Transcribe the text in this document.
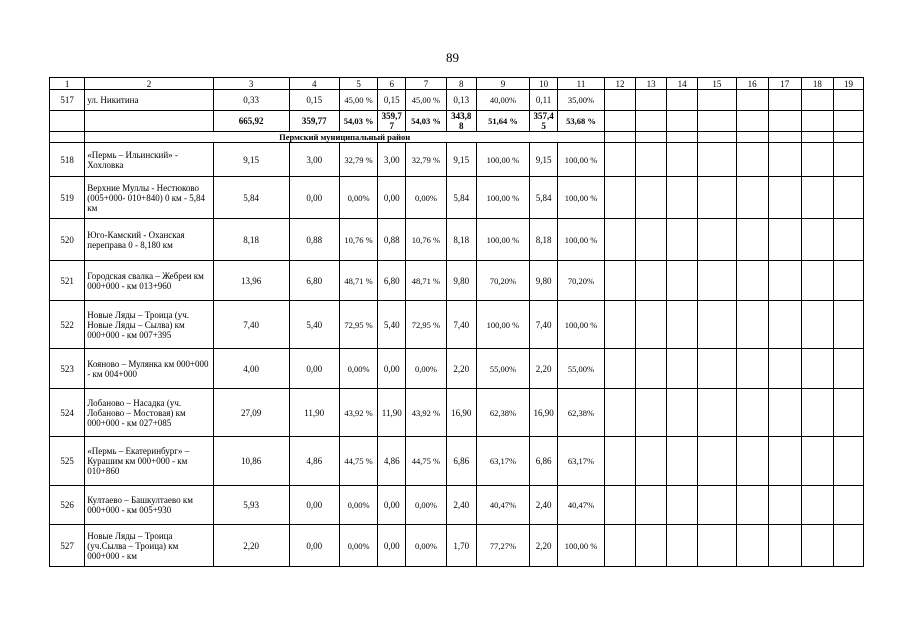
89
1	2	3	4	5	6	7	8	9	10	11	12	13	14	15	16	17	18	19
517	ул. Никитина	0,33	0,15	45,00 %	0,15	45,00 %	0,13	40,00%	0,11	35,00%								
		665,92	359,77	54,03 %	359,7 7	54,03 %	343,8 8	51,64 %	357,4 5	53,68 %								
	Пермский муниципальный район																	
518	«Пермь – Ильинский» - Хохловка	9,15	3,00	32,79 %	3,00	32,79 %	9,15	100,00 %	9,15	100,00 %								
519	Верхние Муллы - Нестюково (005+000- 010+840) 0 км - 5,84 км	5,84	0,00	0,00%	0,00	0,00%	5,84	100,00 %	5,84	100,00 %								
520	Юго-Камский - Оханская переправа 0 - 8,180 км	8,18	0,88	10,76 %	0,88	10,76 %	8,18	100,00 %	8,18	100,00 %								
521	Городская свалка – Жебреи км 000+000 - км 013+960	13,96	6,80	48,71 %	6,80	48,71 %	9,80	70,20%	9,80	70,20%								
522	Новые Ляды – Троица (уч. Новые Ляды – Сылва) км 000+000 - км 007+395	7,40	5,40	72,95 %	5,40	72,95 %	7,40	100,00 %	7,40	100,00 %								
523	Кояново – Мулянка км 000+000 - км 004+000	4,00	0,00	0,00%	0,00	0,00%	2,20	55,00%	2,20	55,00%								
524	Лобаново – Насадка (уч. Лобаново – Мостовая) км 000+000 - км 027+085	27,09	11,90	43,92 %	11,90	43,92 %	16,90	62,38%	16,90	62,38%								
525	«Пермь – Екатеринбург» – Курашим км 000+000 - км 010+860	10,86	4,86	44,75 %	4,86	44,75 %	6,86	63,17%	6,86	63,17%								
526	Култаево – Башкултаево км 000+000 - км 005+930	5,93	0,00	0,00%	0,00	0,00%	2,40	40,47%	2,40	40,47%								
527	Новые Ляды – Троица (уч.Сылва – Троица) км 000+000 - км	2,20	0,00	0,00%	0,00	0,00%	1,70	77,27%	2,20	100,00 %								
